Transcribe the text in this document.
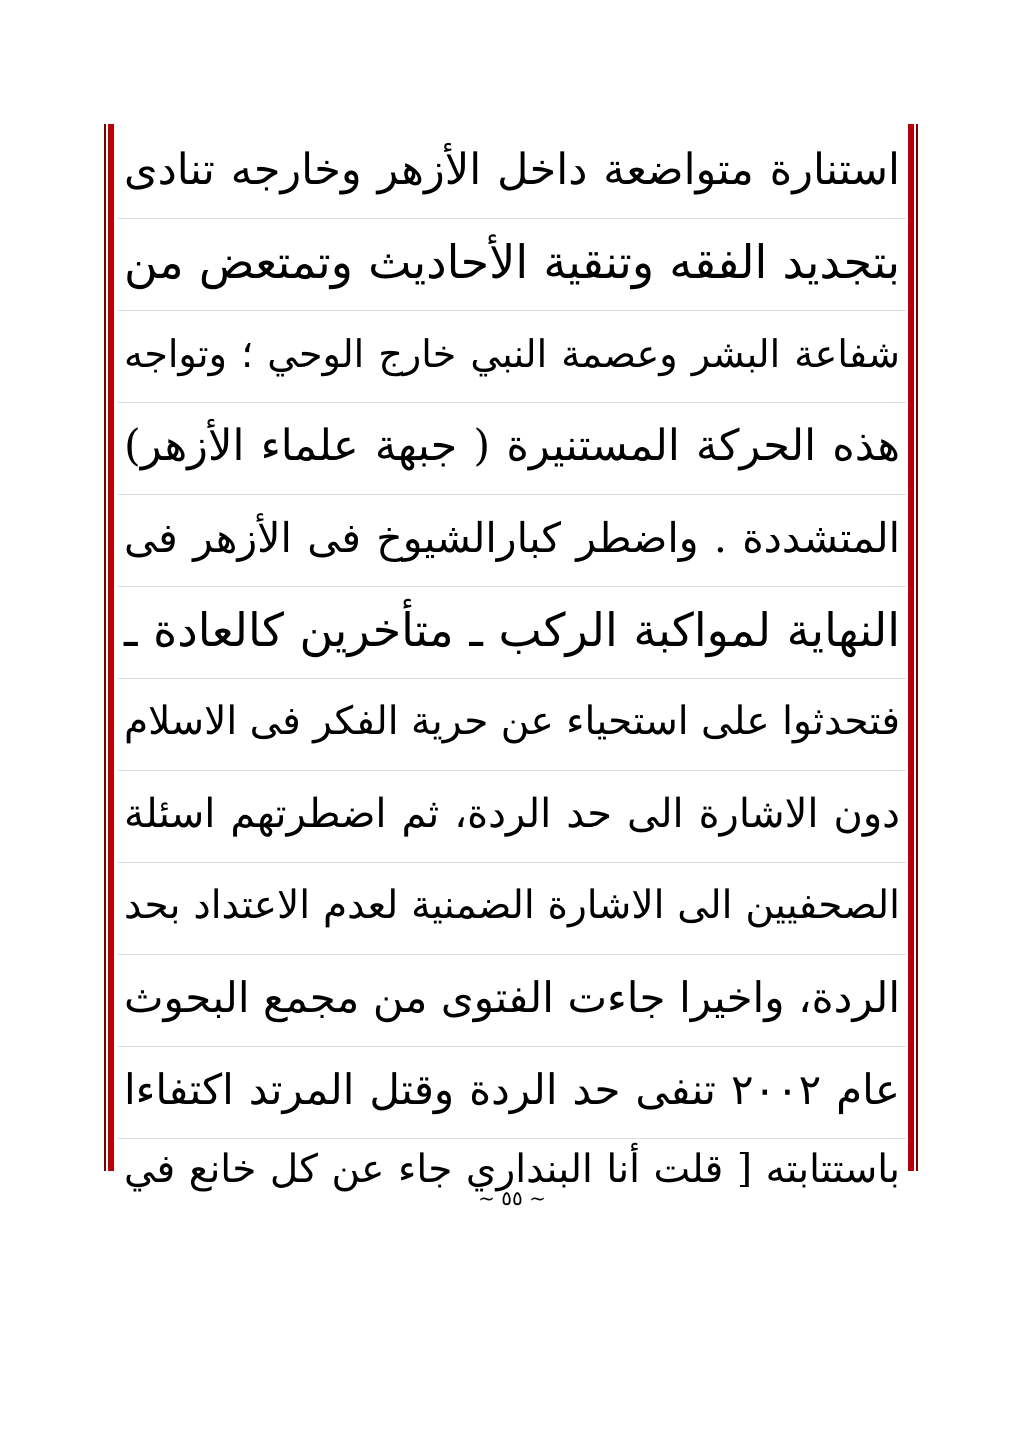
استنارة متواضعة داخل الأزهر وخارجه تنادى
بتجديد الفقه وتنقية الأحاديث وتمتعض من
شفاعة البشر وعصمة النبي خارج الوحي ؛ وتواجه
هذه الحركة المستنيرة ( جبهة علماء الأزهر)
المتشددة . واضطر كبارالشيوخ فى الأزهر فى
النهاية لمواكبة الركب ـ متأخرين كالعادة ـ
فتحدثوا على استحياء عن حرية الفكر فى الاسلام
دون الاشارة الى حد الردة، ثم اضطرتهم اسئلة
الصحفيين الى الاشارة الضمنية لعدم الاعتداد بحد
الردة، واخيرا جاءت الفتوى من مجمع البحوث
عام ٢٠٠٢ تنفى حد الردة وقتل المرتد اكتفاءا
باستتابته [ قلت أنا البنداري جاء عن كل خانع في
~ ٥٥ ~
